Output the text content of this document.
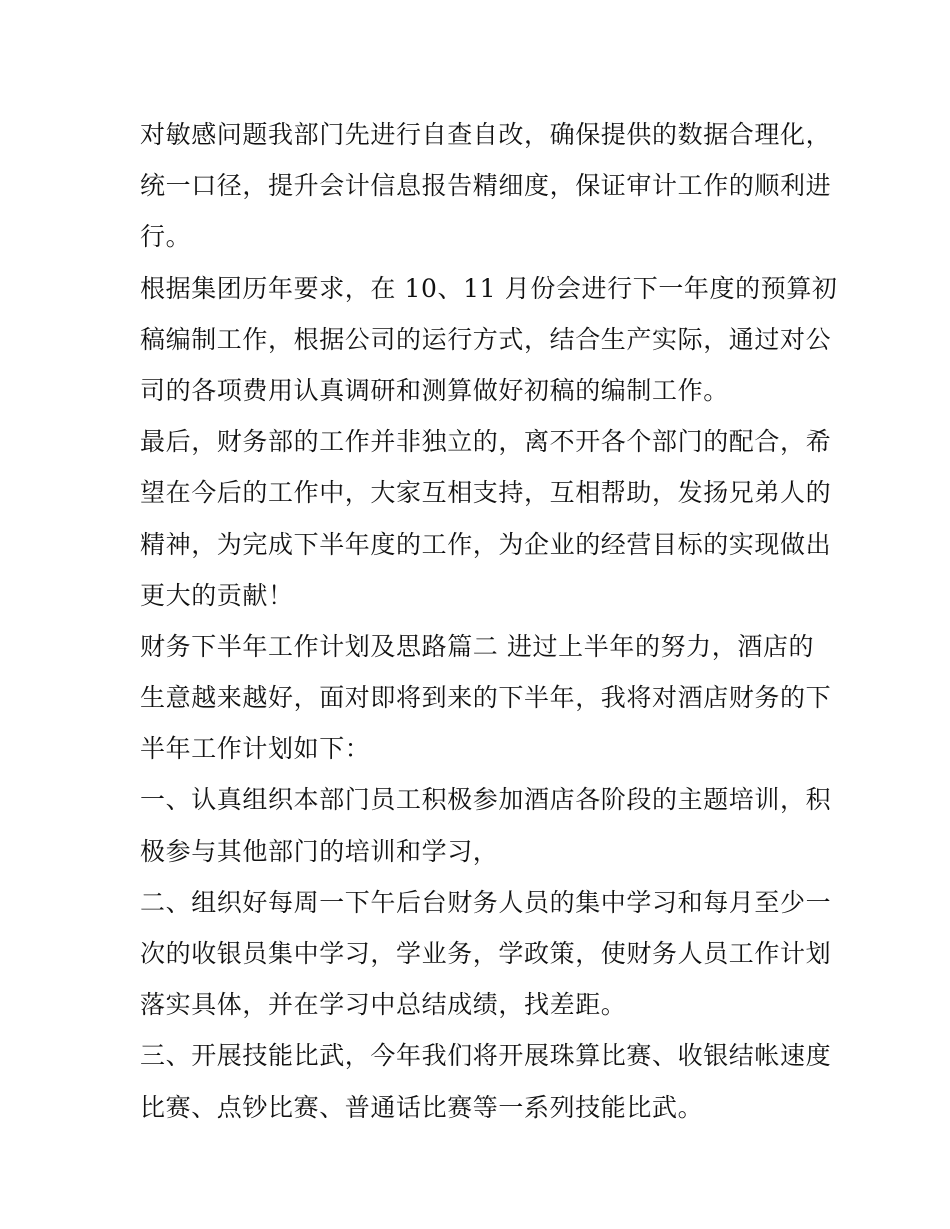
对敏感问题我部门先进行自查自改，确保提供的数据合理化，
统一口径，提升会计信息报告精细度，保证审计工作的顺利进
行。

根据集团历年要求，在 10、11 月份会进行下一年度的预算初
稿编制工作，根据公司的运行方式，结合生产实际，通过对公
司的各项费用认真调研和测算做好初稿的编制工作。

最后，财务部的工作并非独立的，离不开各个部门的配合，希
望在今后的工作中，大家互相支持，互相帮助，发扬兄弟人的
精神，为完成下半年度的工作，为企业的经营目标的实现做出
更大的贡献！

财务下半年工作计划及思路篇二 进过上半年的努力，酒店的
生意越来越好，面对即将到来的下半年，我将对酒店财务的下
半年工作计划如下：

一、认真组织本部门员工积极参加酒店各阶段的主题培训，积
极参与其他部门的培训和学习，

二、组织好每周一下午后台财务人员的集中学习和每月至少一
次的收银员集中学习，学业务，学政策，使财务人员工作计划
落实具体，并在学习中总结成绩，找差距。

三、开展技能比武，今年我们将开展珠算比赛、收银结帐速度
比赛、点钞比赛、普通话比赛等一系列技能比武。
